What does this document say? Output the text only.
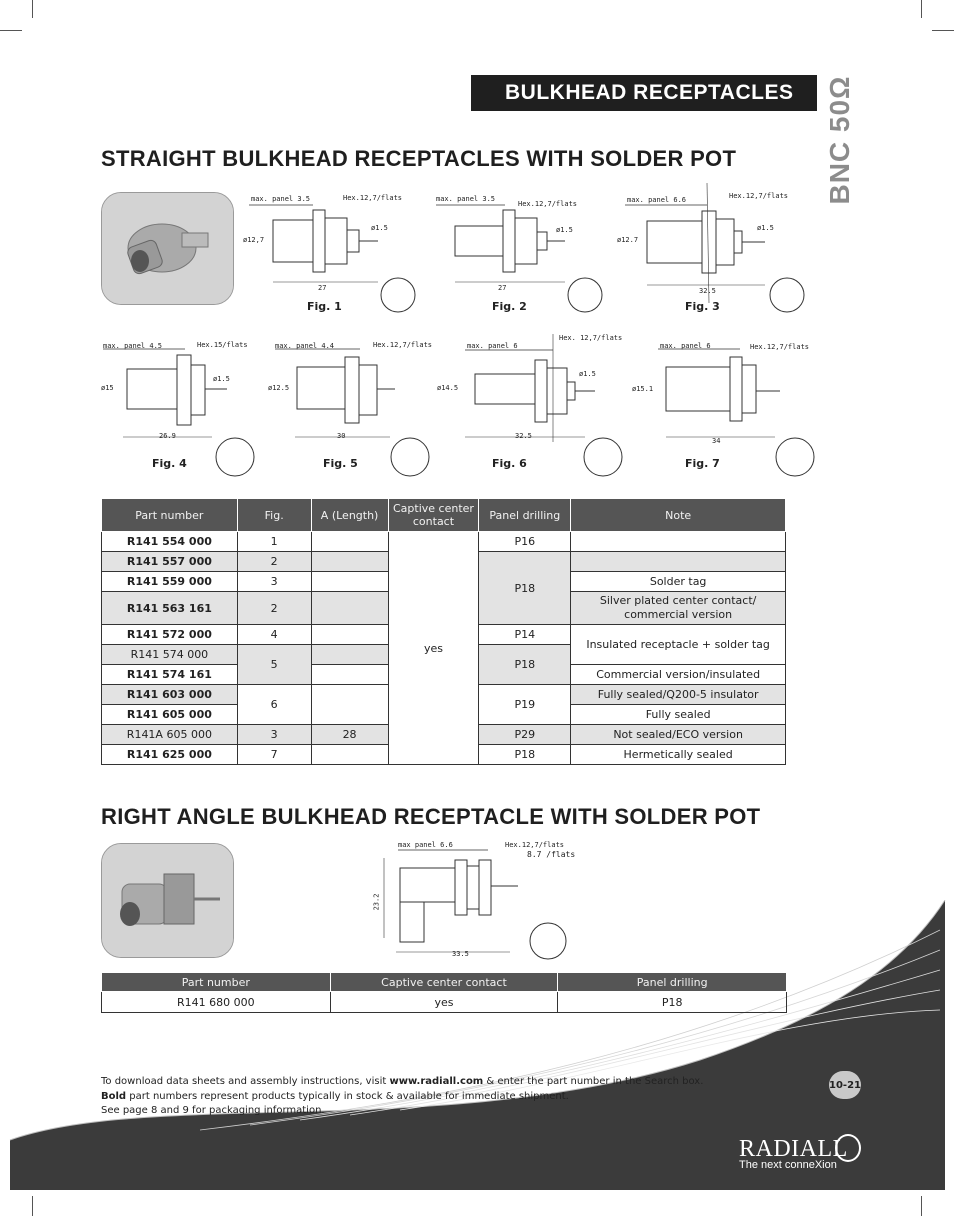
BULKHEAD RECEPTACLES	BNC 50Ω
STRAIGHT BULKHEAD RECEPTACLES WITH SOLDER POT
max. panel 3.5	Hex.12,7/flats
ø12,7
ø1.5
27
Fig. 1
max. panel 3.5
Hex.12,7/flats
ø1.5
27
Fig. 2
max. panel 6.6	Hex.12,7/flats
ø12.7
ø1.5
32.5
Fig. 3
max. panel 4.5	Hex.15/flats
ø15
ø1.5
26.9
Fig. 4
max. panel 4.4	Hex.12,7/flats
ø12.5
30
Fig. 5
max. panel 6
Hex. 12,7/flats
ø14.5
ø1.5
32.5
Fig. 6
max. panel 6	Hex.12,7/flats
ø15.1
34
Fig. 7
Part number	Fig.	A (Length)	Captive center contact	Panel drilling	Note
R141 554 000	1		yes	P16	
R141 557 000	2			P18	
R141 559 000	3				Solder tag
R141 563 161	2				Silver plated center contact/ commercial version
R141 572 000	4			P14	Insulated receptacle + solder tag
R141 574 000	5			P18	
R141 574 161					Commercial version/insulated
R141 603 000	6			P19	Fully sealed/Q200-5 insulator
R141 605 000					Fully sealed
R141A 605 000	3	28		P29	Not sealed/ECO version
R141 625 000	7			P18	Hermetically sealed
RIGHT ANGLE BULKHEAD RECEPTACLE WITH SOLDER POT
max panel 6.6	Hex.12,7/flats
8.7 /flats
23.2
33.5
Part number	Captive center contact	Panel drilling
R141 680 000	yes	P18
To download data sheets and assembly instructions, visit www.radiall.com & enter the part number in the Search box.
Bold part numbers represent products typically in stock & available for immediate shipment.
See page 8 and 9 for packaging information.
10-21
RADIALL
The next conneXion
